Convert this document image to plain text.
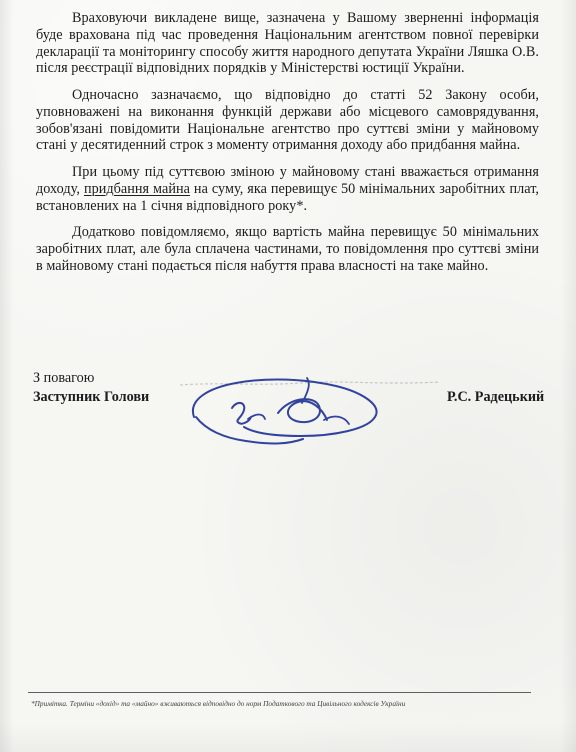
Враховуючи викладене вище, зазначена у Вашому зверненні інформація буде врахована під час проведення Національним агентством повної перевірки декларації та моніторингу способу життя народного депутата України Ляшка О.В. після реєстрації відповідних порядків у Міністерстві юстиції України.

Одночасно зазначаємо, що відповідно до статті 52 Закону особи, уповноважені на виконання функцій держави або місцевого самоврядування, зобов'язані повідомити Національне агентство про суттєві зміни у майновому стані у десятиденний строк з моменту отримання доходу або придбання майна.

При цьому під суттєвою зміною у майновому стані вважається отримання доходу, придбання майна на суму, яка перевищує 50 мінімальних заробітних плат, встановлених на 1 січня відповідного року*.

Додатково повідомляємо, якщо вартість майна перевищує 50 мінімальних заробітних плат, але була сплачена частинами, то повідомлення про суттєві зміни в майновому стані подається після набуття права власності на таке майно.

З повагою
Заступник Голови	Р.С. Радецький
*Примітка. Терміни «дохід» та «майно» вживаються відповідно до норм Податкового та Цивільного кодексів України
